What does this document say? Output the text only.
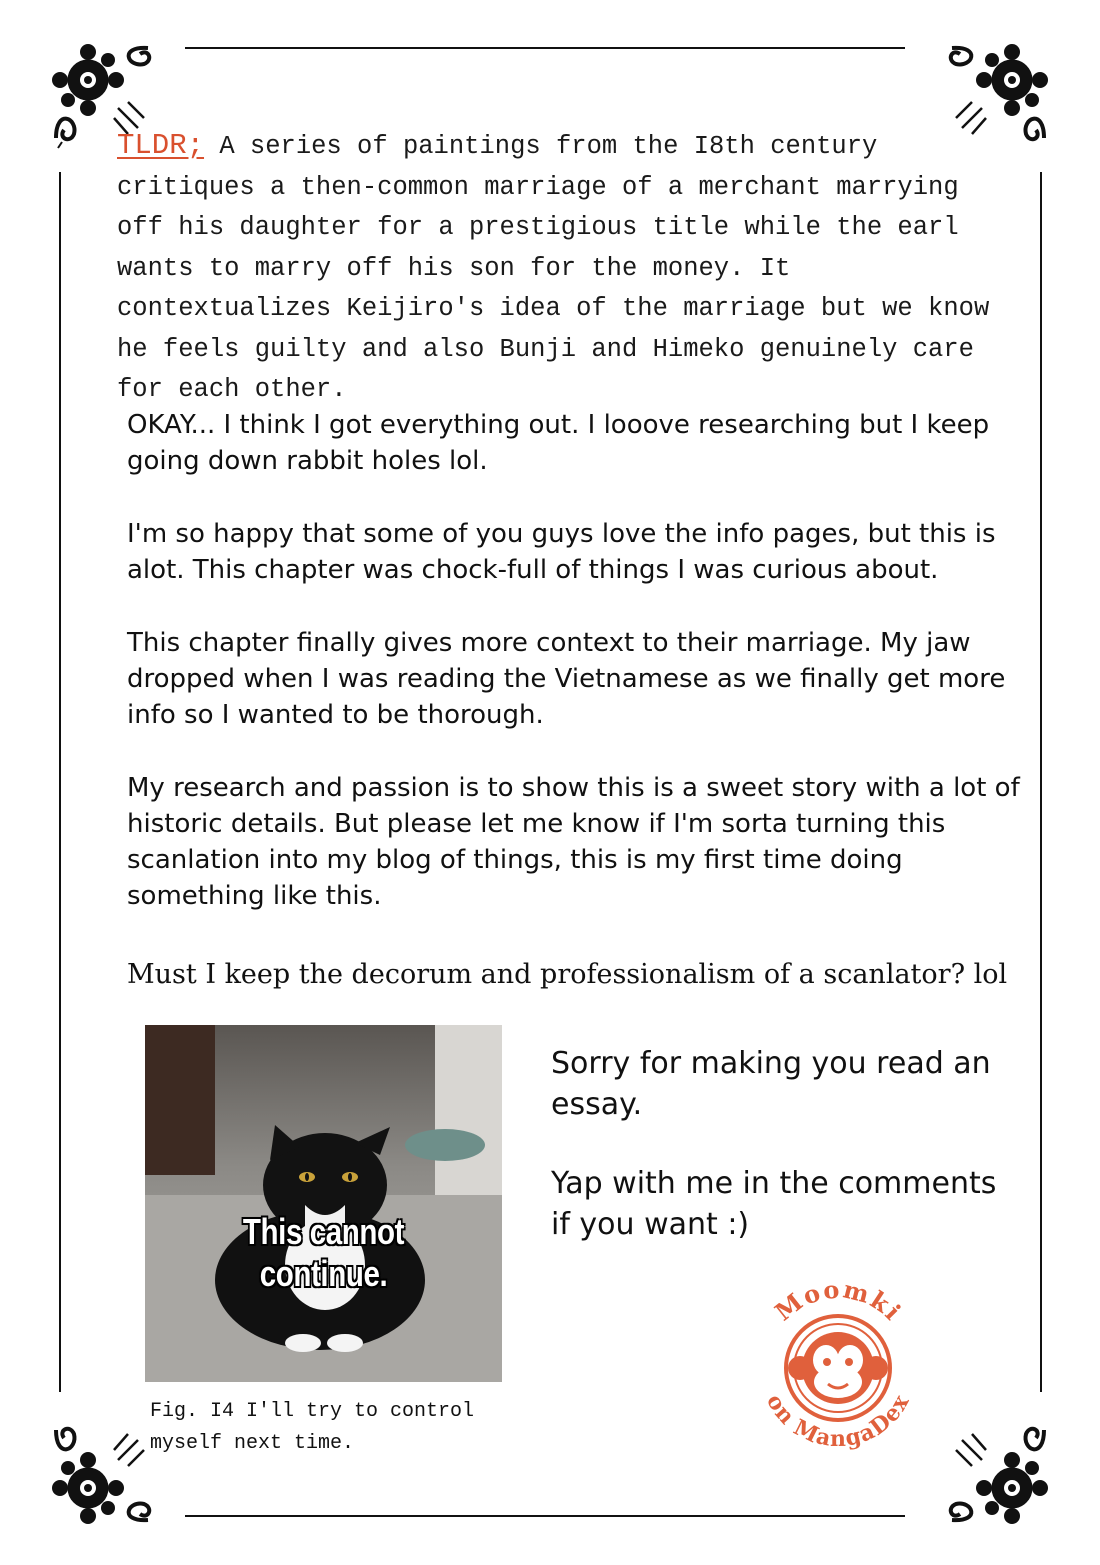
TLDR; A series of paintings from the I8th century critiques a then-common marriage of a merchant marrying off his daughter for a prestigious title while the earl wants to marry off his son for the money. It contextualizes Keijiro's idea of the marriage but we know he feels guilty and also Bunji and Himeko genuinely care for each other.

OKAY... I think I got everything out. I looove researching but I keep going down rabbit holes lol.

I'm so happy that some of you guys love the info pages, but this is alot. This chapter was chock-full of things I was curious about.

This chapter finally gives more context to their marriage. My jaw dropped when I was reading the Vietnamese as we finally get more info so I wanted to be thorough.

My research and passion is to show this is a sweet story with a lot of historic details. But please let me know if I'm sorta turning this scanlation into my blog of things, this is my first time doing something like this.

Must I keep the decorum and professionalism of a scanlator? lol

This cannot continue.

Fig. I4 I'll try to control myself next time.

Sorry for making you read an essay.

Yap with me in the comments if you want :)

Moomki
on MangaDex
